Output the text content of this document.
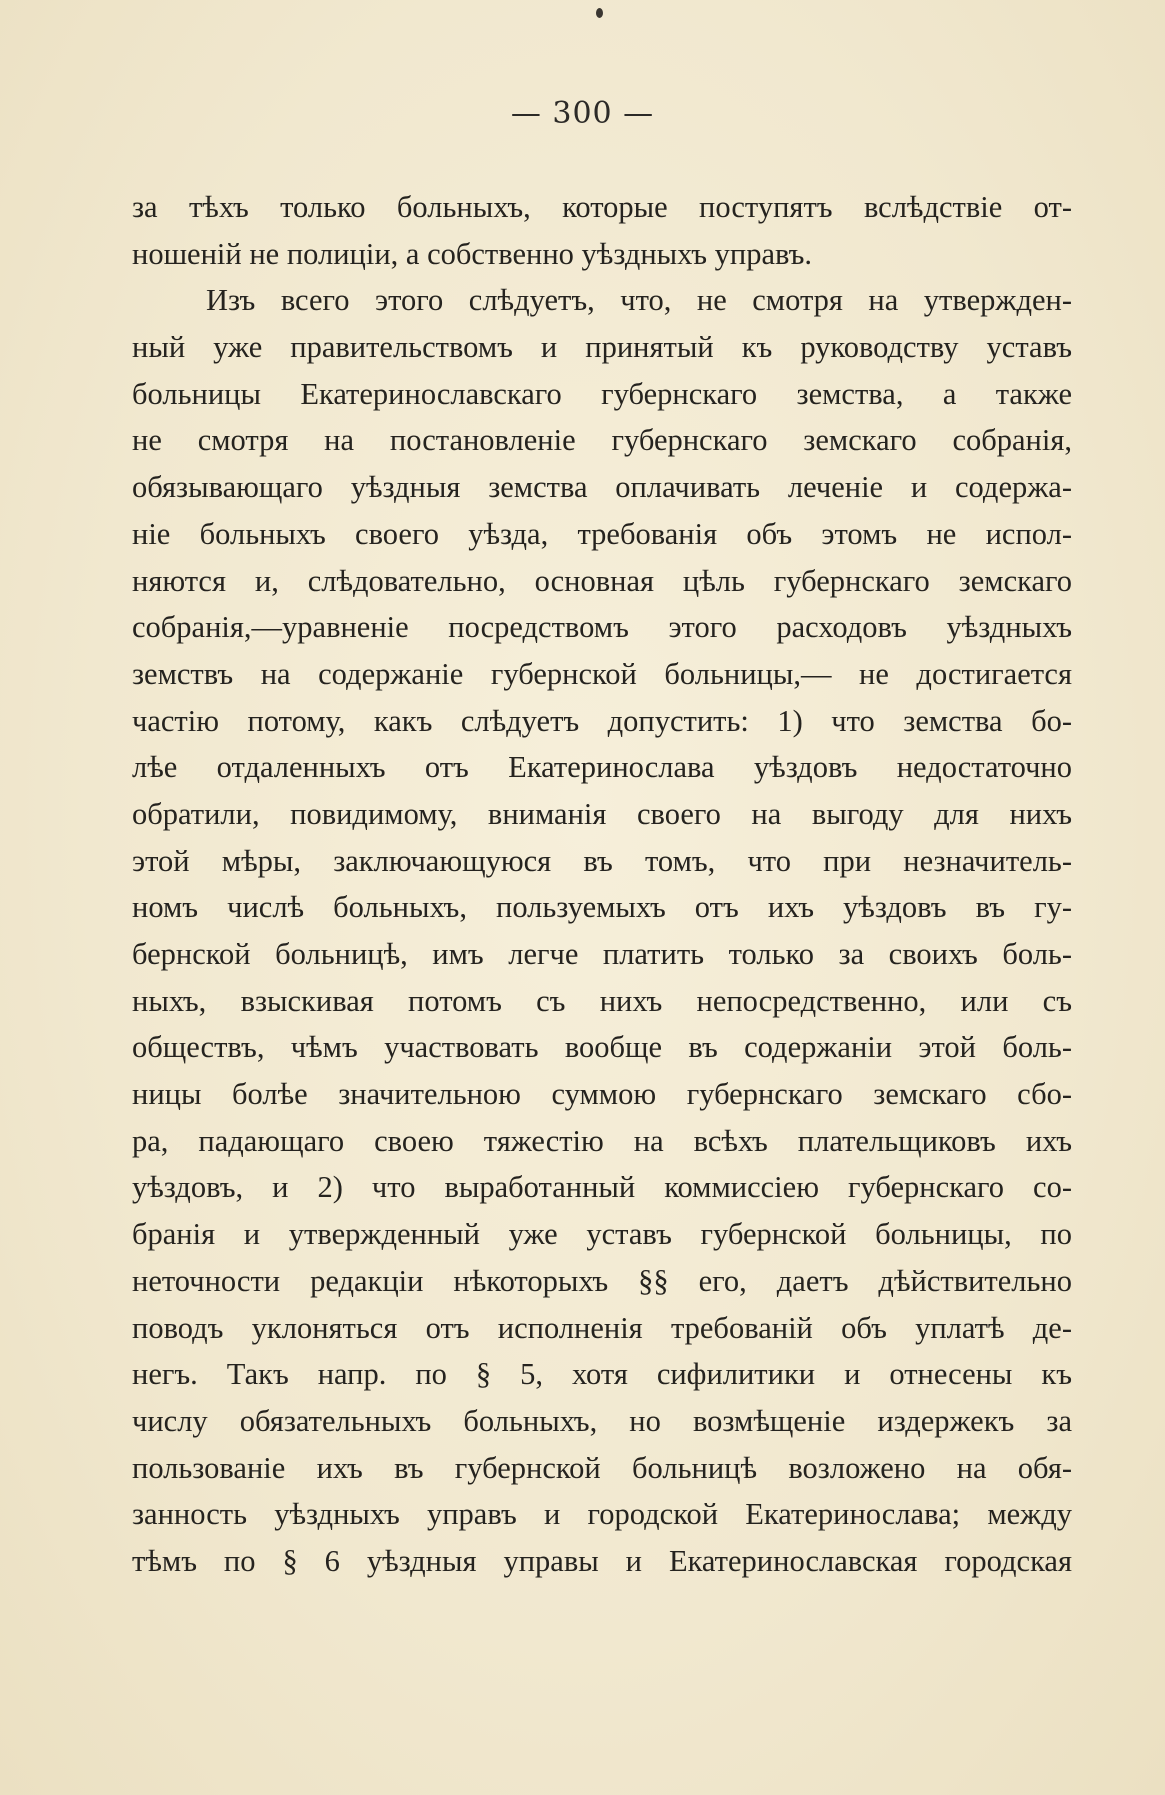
— 300 —
за тѣхъ только больныхъ, которые поступятъ вслѣдствіе от-
ношеній не полиціи, а собственно уѣздныхъ управъ.
Изъ всего этого слѣдуетъ, что, не смотря на утвержден-
ный уже правительствомъ и принятый къ руководству уставъ
больницы Екатеринославскаго губернскаго земства, а также
не смотря на постановленіе губернскаго земскаго собранія,
обязывающаго уѣздныя земства оплачивать леченіе и содержа-
ніе больныхъ своего уѣзда, требованія объ этомъ не испол-
няются и, слѣдовательно, основная цѣль губернскаго земскаго
собранія,—уравненіе посредствомъ этого расходовъ уѣздныхъ
земствъ на содержаніе губернской больницы,— не достигается
частію потому, какъ слѣдуетъ допустить: 1) что земства бо-
лѣе отдаленныхъ отъ Екатеринослава уѣздовъ недостаточно
обратили, повидимому, вниманія своего на выгоду для нихъ
этой мѣры, заключающуюся въ томъ, что при незначитель-
номъ числѣ больныхъ, пользуемыхъ отъ ихъ уѣздовъ въ гу-
бернской больницѣ, имъ легче платить только за своихъ боль-
ныхъ, взыскивая потомъ съ нихъ непосредственно, или съ
обществъ, чѣмъ участвовать вообще въ содержаніи этой боль-
ницы болѣе значительною суммою губернскаго земскаго сбо-
ра, падающаго своею тяжестію на всѣхъ плательщиковъ ихъ
уѣздовъ, и 2) что выработанный коммиссіею губернскаго со-
бранія и утвержденный уже уставъ губернской больницы, по
неточности редакціи нѣкоторыхъ §§ его, даетъ дѣйствительно
поводъ уклоняться отъ исполненія требованій объ уплатѣ де-
негъ. Такъ напр. по § 5, хотя сифилитики и отнесены къ
числу обязательныхъ больныхъ, но возмѣщеніе издержекъ за
пользованіе ихъ въ губернской больницѣ возложено на обя-
занность уѣздныхъ управъ и городской Екатеринослава; между
тѣмъ по § 6 уѣздныя управы и Екатеринославская городская
